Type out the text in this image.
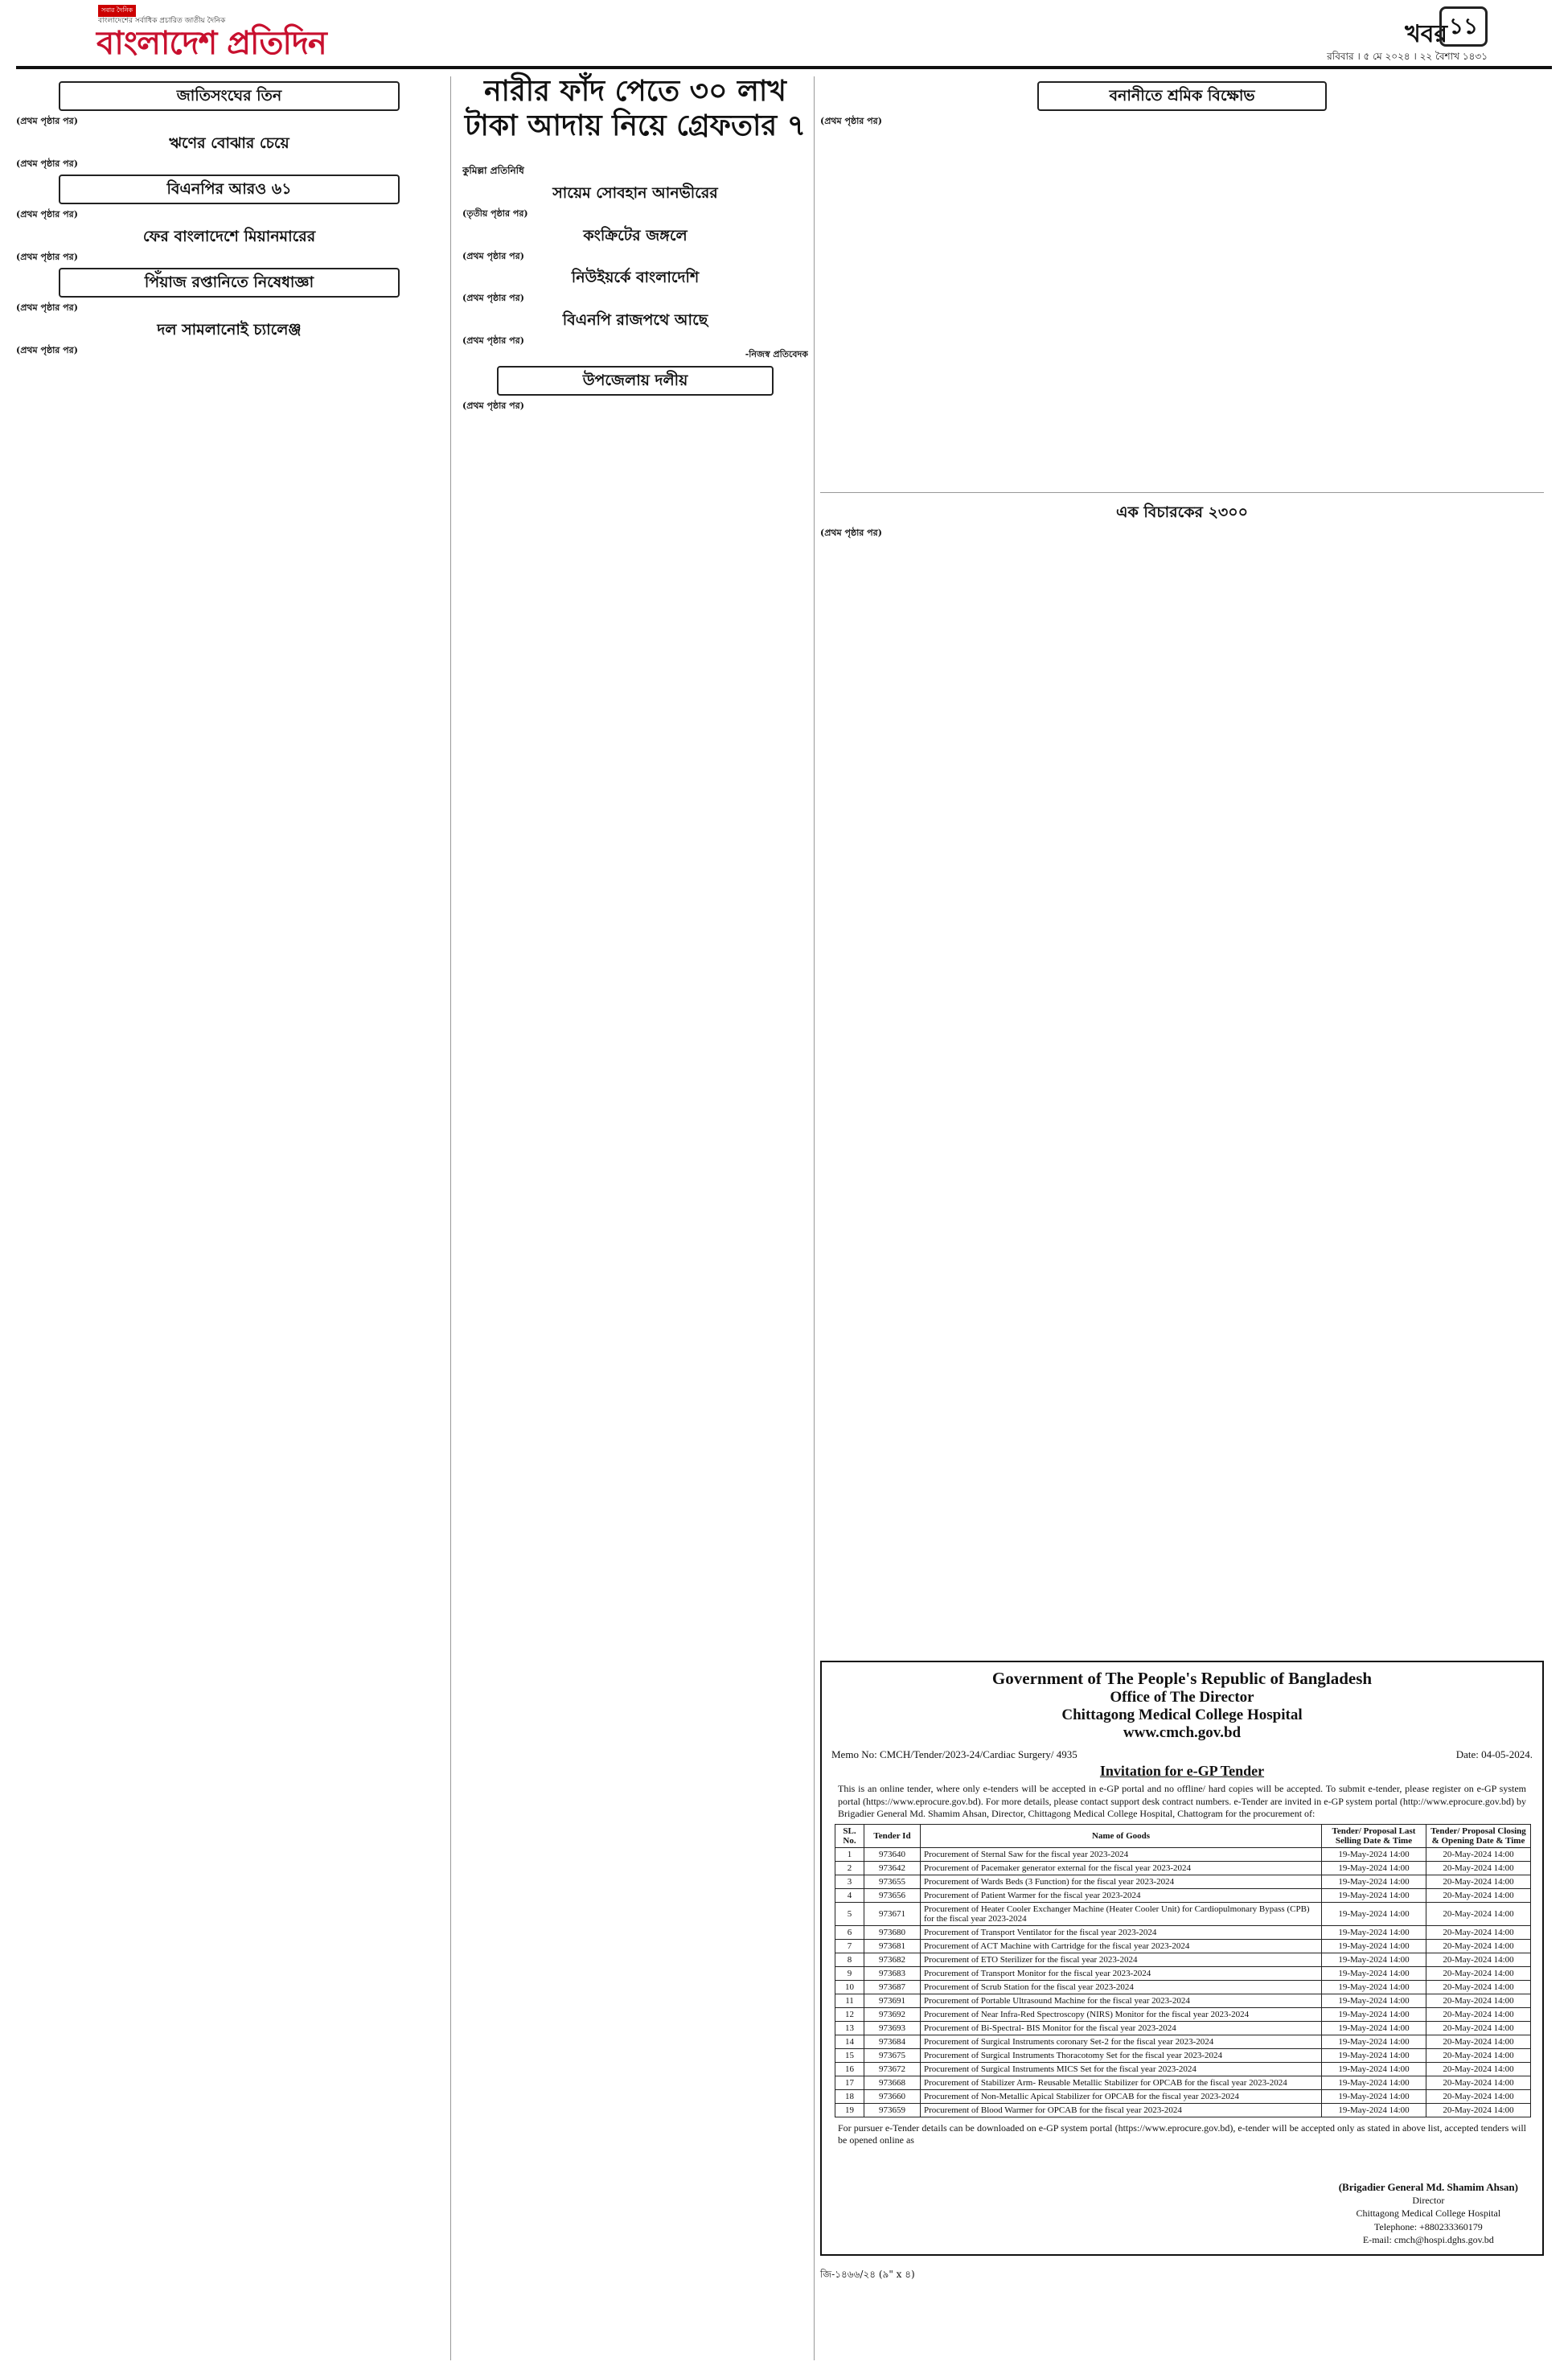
সবার দৈনিক
বাংলাদেশের সর্বাধিক প্রচারিত জাতীয় দৈনিক
বাংলাদেশ প্রতিদিন	খবর ১১
রবিবার । ৫ মে ২০২৪ । ২২ বৈশাখ ১৪৩১
জাতিসংঘের তিন

(প্রথম পৃষ্ঠার পর)

ঋণের বোঝার চেয়ে

(প্রথম পৃষ্ঠার পর)

বিএনপির আরও ৬১

(প্রথম পৃষ্ঠার পর)

ফের বাংলাদেশে মিয়ানমারের

(প্রথম পৃষ্ঠার পর)

পিঁয়াজ রপ্তানিতে নিষেধাজ্ঞা

(প্রথম পৃষ্ঠার পর)

দল সামলানোই চ্যালেঞ্জ

(প্রথম পৃষ্ঠার পর)

নারীর ফাঁদ পেতে ৩০ লাখ টাকা আদায় নিয়ে গ্রেফতার ৭

কুমিল্লা প্রতিনিধি

সায়েম সোবহান আনভীরের

(তৃতীয় পৃষ্ঠার পর)

কংক্রিটের জঙ্গলে

(প্রথম পৃষ্ঠার পর)

নিউইয়র্কে বাংলাদেশি

(প্রথম পৃষ্ঠার পর)

বিএনপি রাজপথে আছে

(প্রথম পৃষ্ঠার পর)

-নিজস্ব প্রতিবেদক

উপজেলায় দলীয়

(প্রথম পৃষ্ঠার পর)

বনানীতে শ্রমিক বিক্ষোভ

(প্রথম পৃষ্ঠার পর)

এক বিচারকের ২৩০০

(প্রথম পৃষ্ঠার পর)

Government of The People's Republic of Bangladesh
Office of The Director
Chittagong Medical College Hospital
www.cmch.gov.bd
Memo No: CMCH/Tender/2023-24/Cardiac Surgery/ 4935	Date: 04-05-2024.
Invitation for e-GP Tender

This is an online tender, where only e-tenders will be accepted in e-GP portal and no offline/ hard copies will be accepted. To submit e-tender, please register on e-GP system portal (https://www.eprocure.gov.bd). For more details, please contact support desk contract numbers. e-Tender are invited in e-GP system portal (http://www.eprocure.gov.bd) by Brigadier General Md. Shamim Ahsan, Director, Chittagong Medical College Hospital, Chattogram for the procurement of:

SL. No.	Tender Id	Name of Goods	Tender/ Proposal Last Selling Date & Time	Tender/ Proposal Closing & Opening Date & Time
1	973640	Procurement of Sternal Saw for the fiscal year 2023-2024	19-May-2024 14:00	20-May-2024 14:00
2	973642	Procurement of Pacemaker generator external for the fiscal year 2023-2024	19-May-2024 14:00	20-May-2024 14:00
3	973655	Procurement of Wards Beds (3 Function) for the fiscal year 2023-2024	19-May-2024 14:00	20-May-2024 14:00
4	973656	Procurement of Patient Warmer for the fiscal year 2023-2024	19-May-2024 14:00	20-May-2024 14:00
5	973671	Procurement of Heater Cooler Exchanger Machine (Heater Cooler Unit) for Cardiopulmonary Bypass (CPB) for the fiscal year 2023-2024	19-May-2024 14:00	20-May-2024 14:00
6	973680	Procurement of Transport Ventilator for the fiscal year 2023-2024	19-May-2024 14:00	20-May-2024 14:00
7	973681	Procurement of ACT Machine with Cartridge for the fiscal year 2023-2024	19-May-2024 14:00	20-May-2024 14:00
8	973682	Procurement of ETO Sterilizer for the fiscal year 2023-2024	19-May-2024 14:00	20-May-2024 14:00
9	973683	Procurement of Transport Monitor for the fiscal year 2023-2024	19-May-2024 14:00	20-May-2024 14:00
10	973687	Procurement of Scrub Station for the fiscal year 2023-2024	19-May-2024 14:00	20-May-2024 14:00
11	973691	Procurement of Portable Ultrasound Machine for the fiscal year 2023-2024	19-May-2024 14:00	20-May-2024 14:00
12	973692	Procurement of Near Infra-Red Spectroscopy (NIRS) Monitor for the fiscal year 2023-2024	19-May-2024 14:00	20-May-2024 14:00
13	973693	Procurement of Bi-Spectral- BIS Monitor for the fiscal year 2023-2024	19-May-2024 14:00	20-May-2024 14:00
14	973684	Procurement of Surgical Instruments coronary Set-2 for the fiscal year 2023-2024	19-May-2024 14:00	20-May-2024 14:00
15	973675	Procurement of Surgical Instruments Thoracotomy Set for the fiscal year 2023-2024	19-May-2024 14:00	20-May-2024 14:00
16	973672	Procurement of Surgical Instruments MICS Set for the fiscal year 2023-2024	19-May-2024 14:00	20-May-2024 14:00
17	973668	Procurement of Stabilizer Arm- Reusable Metallic Stabilizer for OPCAB for the fiscal year 2023-2024	19-May-2024 14:00	20-May-2024 14:00
18	973660	Procurement of Non-Metallic Apical Stabilizer for OPCAB for the fiscal year 2023-2024	19-May-2024 14:00	20-May-2024 14:00
19	973659	Procurement of Blood Warmer for OPCAB for the fiscal year 2023-2024	19-May-2024 14:00	20-May-2024 14:00

For pursuer e-Tender details can be downloaded on e-GP system portal (https://www.eprocure.gov.bd), e-tender will be accepted only as stated in above list, accepted tenders will be opened online as

(Brigadier General Md. Shamim Ahsan)
Director
Chittagong Medical College Hospital
Telephone: +880233360179
E-mail: cmch@hospi.dghs.gov.bd
জি-১৪৬৬/২৪ (৯" x ৪)
